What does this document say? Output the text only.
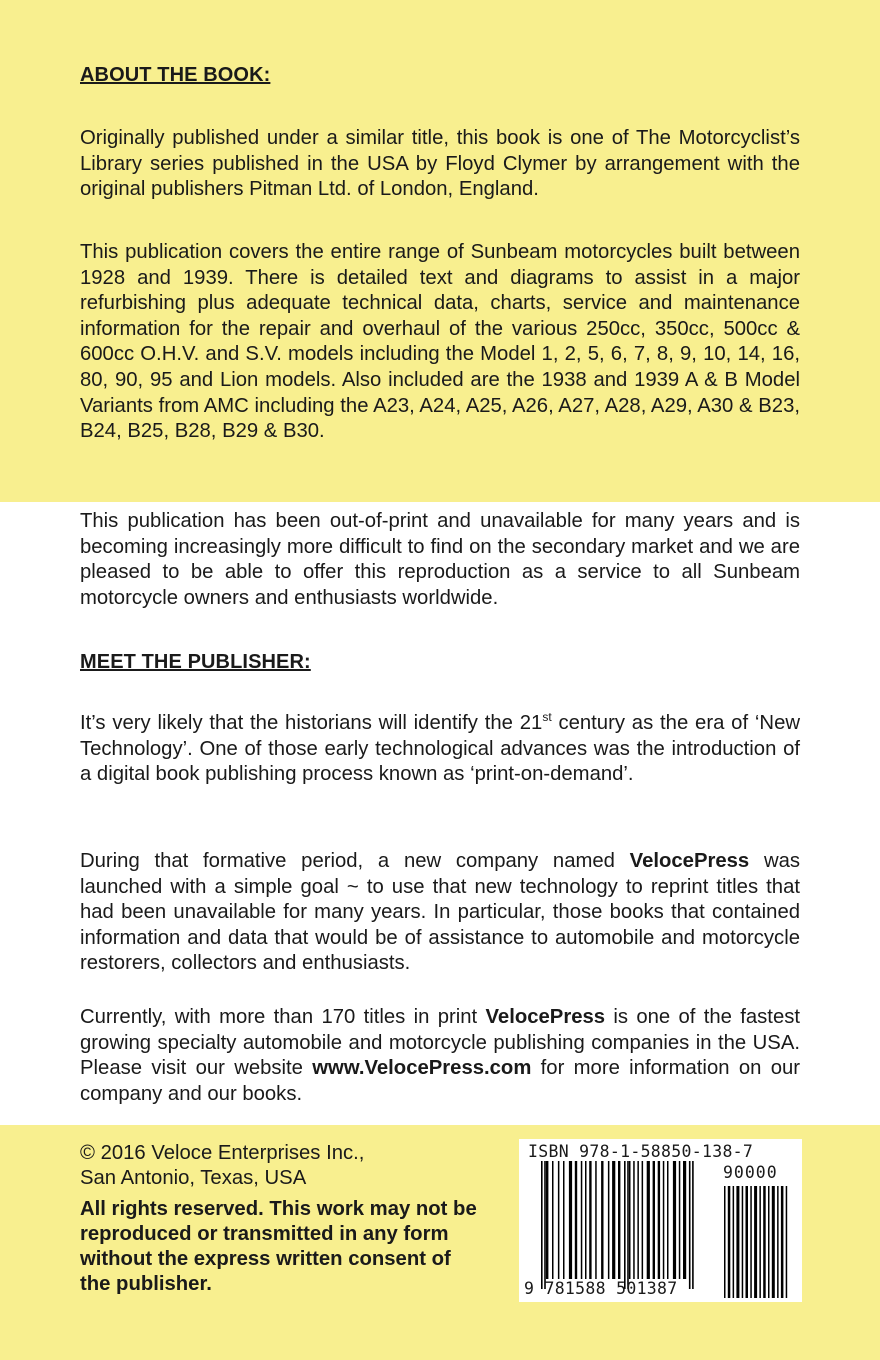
ABOUT THE BOOK:
Originally published under a similar title, this book is one of The Motorcyclist’s Library series published in the USA by Floyd Clymer by arrangement with the original publishers Pitman Ltd. of London, England.
This publication covers the entire range of Sunbeam motorcycles built between 1928 and 1939. There is detailed text and diagrams to assist in a major refurbishing plus adequate technical data, charts, service and maintenance information for the repair and overhaul of the various 250cc, 350cc, 500cc & 600cc O.H.V. and S.V. models including the Model 1, 2, 5, 6, 7, 8, 9, 10, 14, 16, 80, 90, 95 and Lion models. Also included are the 1938 and 1939 A & B Model Variants from AMC including the A23, A24, A25, A26, A27, A28, A29, A30 & B23, B24, B25, B28, B29 & B30.
This publication has been out-of-print and unavailable for many years and is becoming increasingly more difficult to find on the secondary market and we are pleased to be able to offer this reproduction as a service to all Sunbeam motorcycle owners and enthusiasts worldwide.
MEET THE PUBLISHER:
It’s very likely that the historians will identify the 21st century as the era of ‘New Technology’. One of those early technological advances was the introduction of a digital book publishing process known as ‘print-on-demand’.
During that formative period, a new company named VelocePress was launched with a simple goal ~ to use that new technology to reprint titles that had been unavailable for many years. In particular, those books that contained information and data that would be of assistance to automobile and motorcycle restorers, collectors and enthusiasts.
Currently, with more than 170 titles in print VelocePress is one of the fastest growing specialty automobile and motorcycle publishing companies in the USA. Please visit our website www.VelocePress.com for more information on our company and our books.
© 2016 Veloce Enterprises Inc.,
San Antonio, Texas, USA
All rights reserved. This work may not be reproduced or transmitted in any form without the express written consent of the publisher.
ISBN 978-1-58850-138-7
90000
9 781588 501387
